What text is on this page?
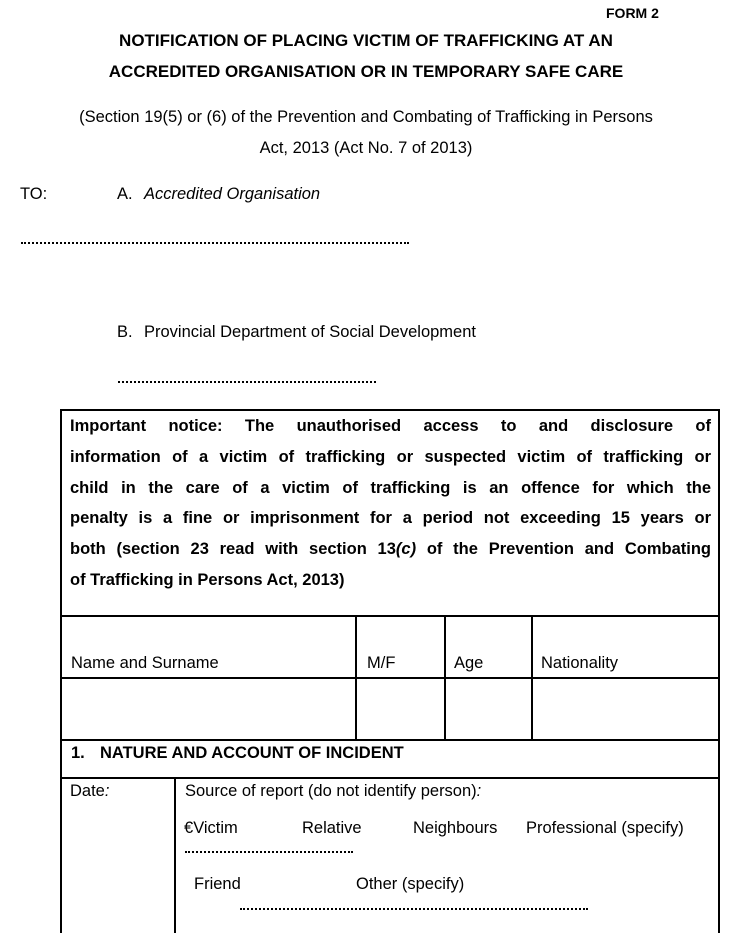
FORM 2
NOTIFICATION OF PLACING VICTIM OF TRAFFICKING AT AN
ACCREDITED ORGANISATION OR IN TEMPORARY SAFE CARE
(Section 19(5) or (6) of the Prevention and Combating of Trafficking in Persons
Act, 2013 (Act No. 7 of 2013)
TO:	A. Accredited Organisation
B. Provincial Department of Social Development
Important notice: The unauthorised access to and disclosure of
information of a victim of trafficking or suspected victim of trafficking or
child in the care of a victim of trafficking is an offence for which the
penalty is a fine or imprisonment for a period not exceeding 15 years or
both (section 23 read with section 13(c) of the Prevention and Combating
of Trafficking in Persons Act, 2013)
Name and Surname	M/F	Age	Nationality
1. NATURE AND ACCOUNT OF INCIDENT
Date:	Source of report (do not identify person):
€Victim	Relative	Neighbours Professional (specify)
Friend	Other (specify)
